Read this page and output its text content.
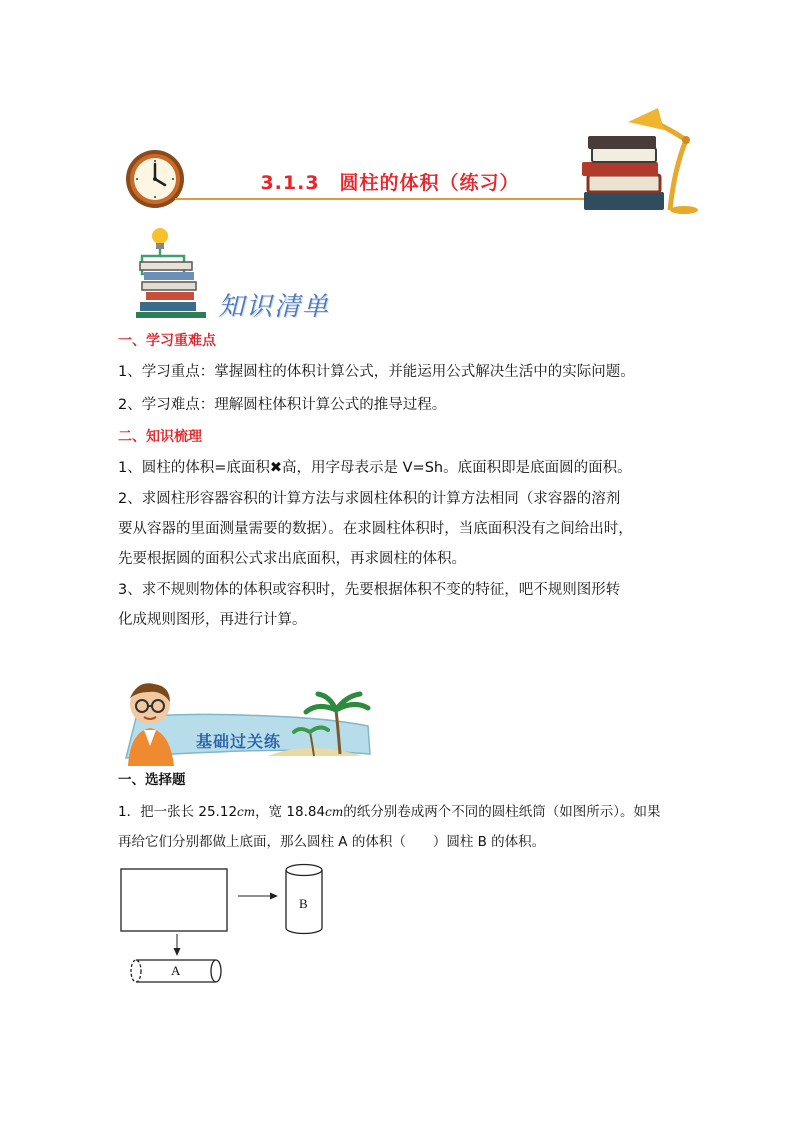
3.1.3　圆柱的体积（练习）
知识清单
一、学习重难点
1、学习重点：掌握圆柱的体积计算公式，并能运用公式解决生活中的实际问题。
2、学习难点：理解圆柱体积计算公式的推导过程。
二、知识梳理
1、圆柱的体积=底面积✖高，用字母表示是 V=Sh。底面积即是底面圆的面积。
2、求圆柱形容器容积的计算方法与求圆柱体积的计算方法相同（求容器的溶剂
要从容器的里面测量需要的数据）。在求圆柱体积时，当底面积没有之间给出时，
先要根据圆的面积公式求出底面积，再求圆柱的体积。
3、求不规则物体的体积或容积时，先要根据体积不变的特征，吧不规则图形转
化成规则图形，再进行计算。
基础过关练
一、选择题
1．把一张长 25.12cm，宽 18.84cm的纸分别卷成两个不同的圆柱纸筒（如图所示）。如果
再给它们分别都做上底面，那么圆柱 A 的体积（　　）圆柱 B 的体积。
B
A
